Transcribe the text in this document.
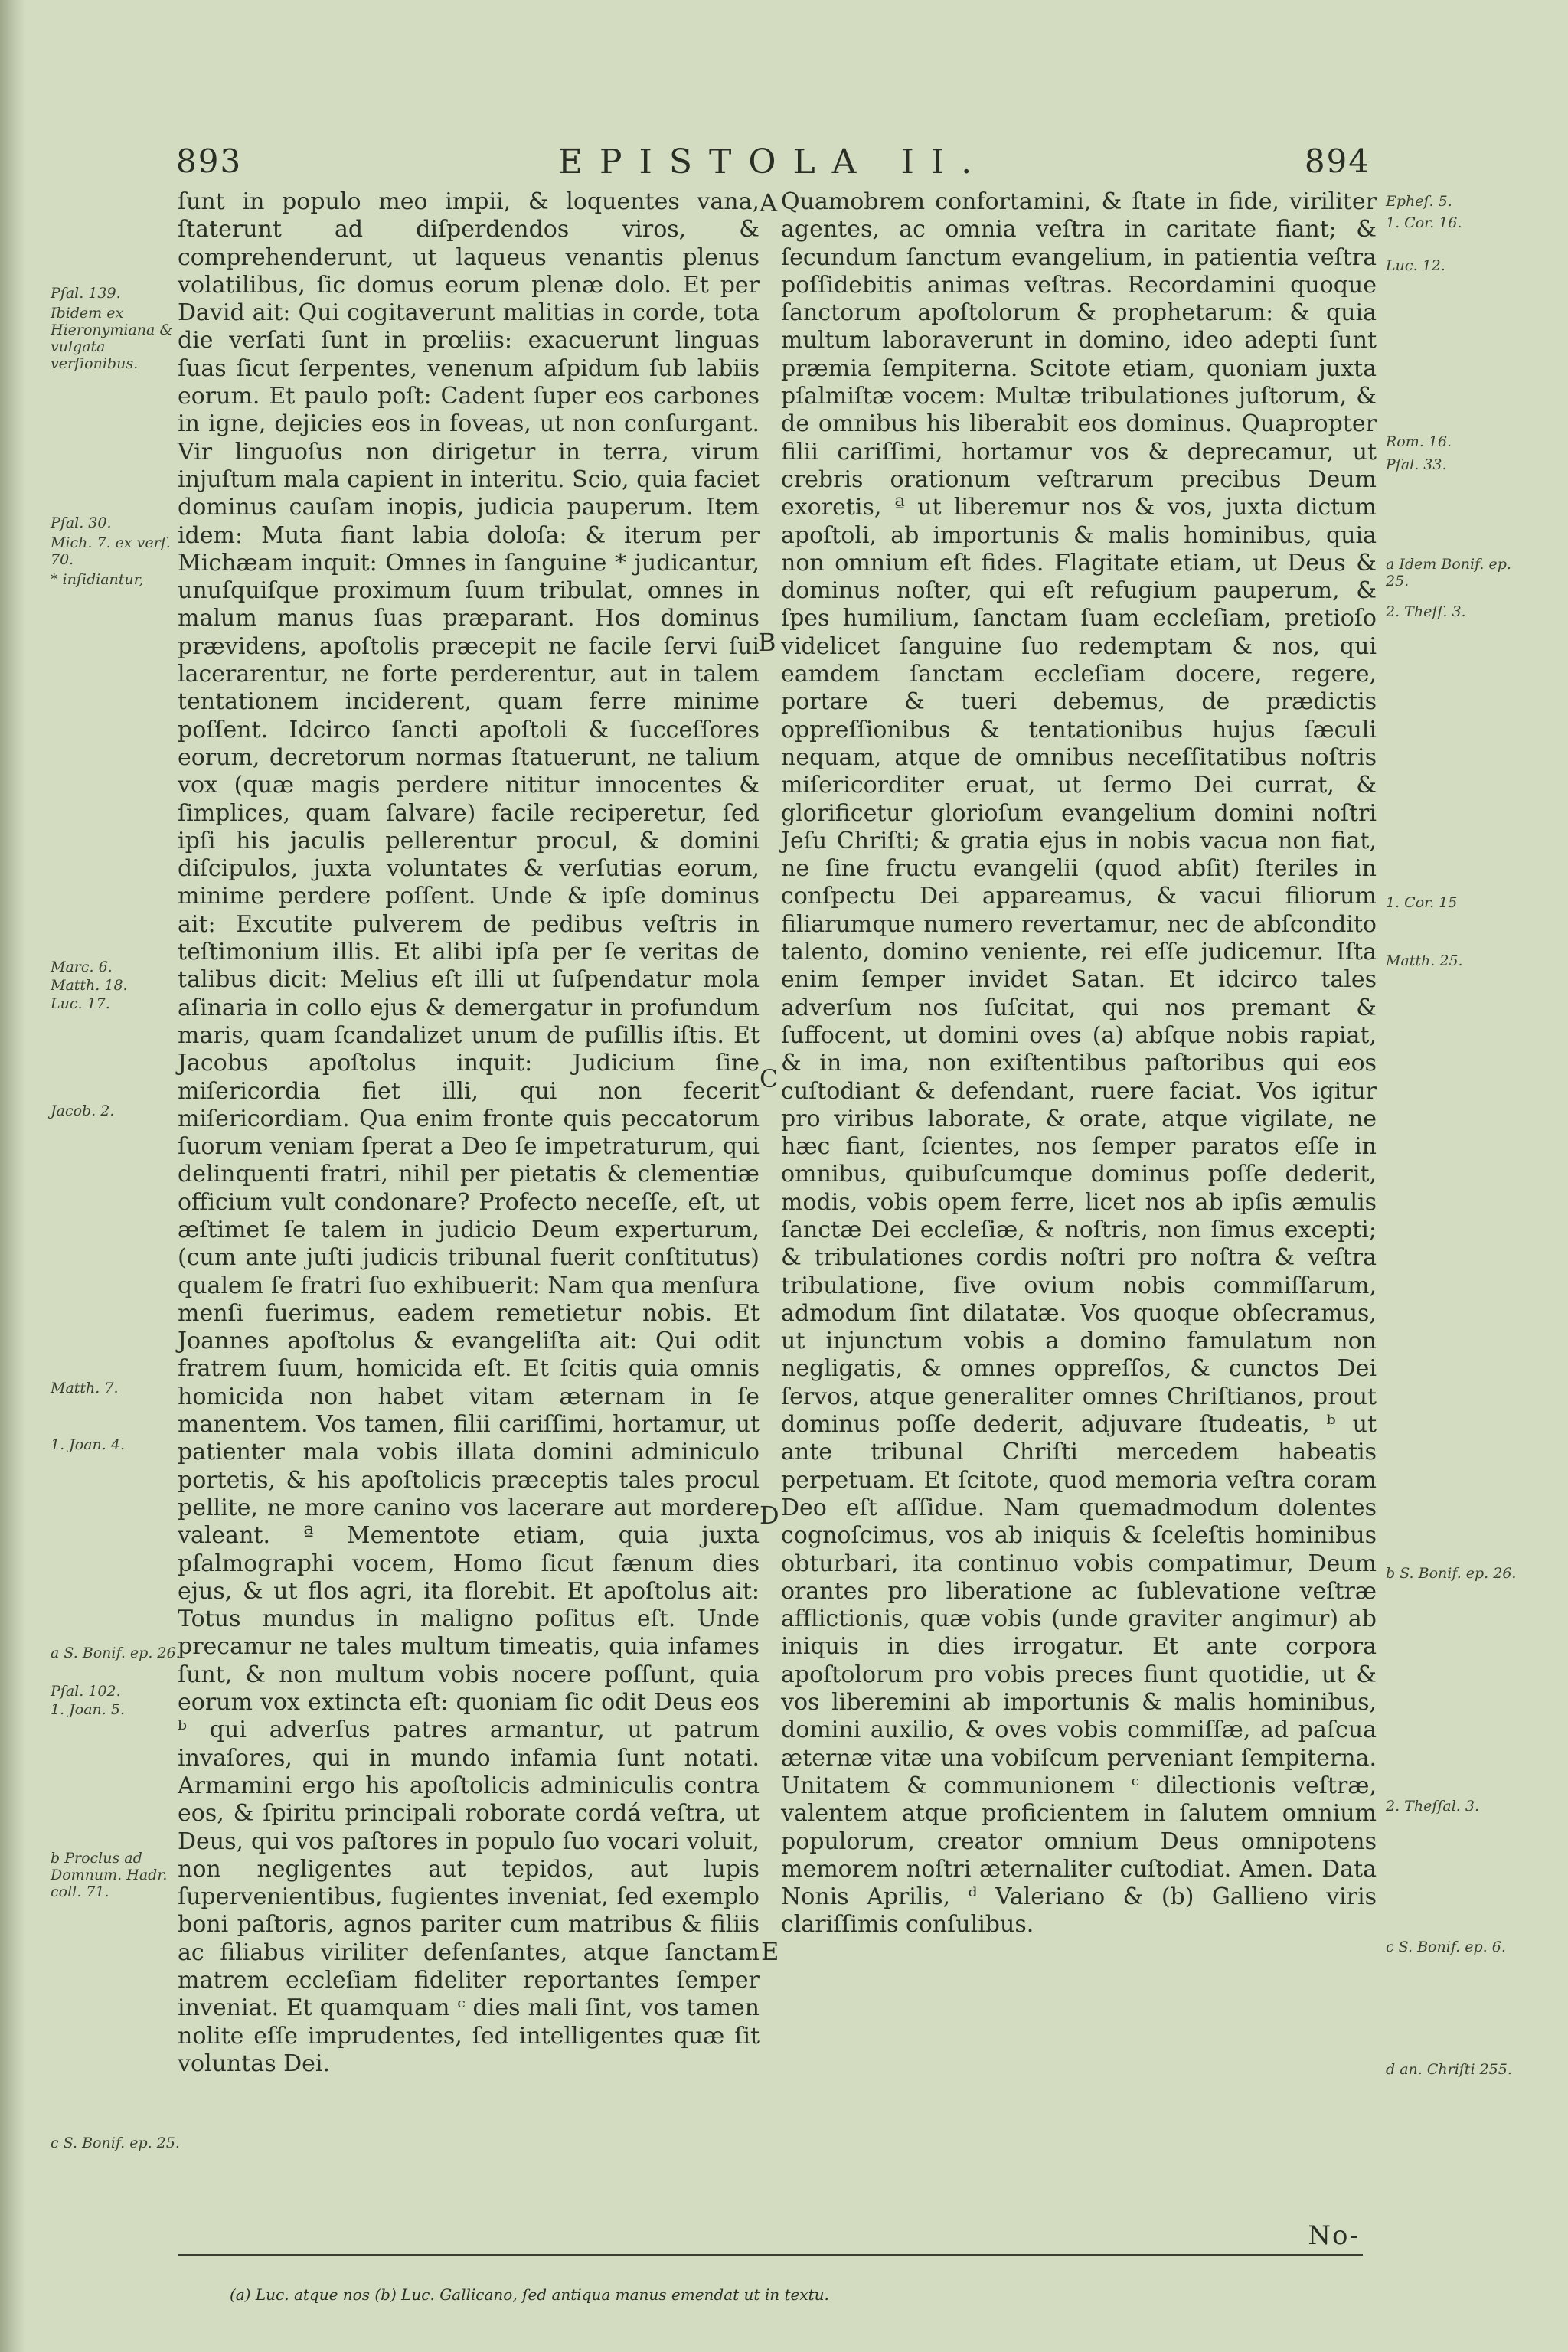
893	EPISTOLA II.	894

ſunt in populo meo impii, & loquentes vana, ſtaterunt ad diſperdendos viros, & comprehenderunt, ut laqueus venantis plenus volatilibus, ſic domus eorum plenæ dolo. Et per David ait: Qui cogitaverunt malitias in corde, tota die verſati ſunt in prœliis: exacuerunt linguas ſuas ſicut ſerpentes, venenum aſpidum ſub labiis eorum. Et paulo poſt: Cadent ſuper eos carbones in igne, dejicies eos in foveas, ut non conſurgant. Vir linguoſus non dirigetur in terra, virum injuſtum mala capient in interitu. Scio, quia faciet dominus cauſam inopis, judicia pauperum. Item idem: Muta fiant labia doloſa: & iterum per Michæam inquit: Omnes in ſanguine * judicantur, unuſquiſque proximum ſuum tribulat, omnes in malum manus ſuas præparant. Hos dominus prævidens, apoſtolis præcepit ne facile ſervi ſui lacerarentur, ne forte perderentur, aut in talem tentationem inciderent, quam ferre minime poſſent. Idcirco ſancti apoſtoli & ſucceſſores eorum, decretorum normas ſtatuerunt, ne talium vox (quæ magis perdere nititur innocentes & ſimplices, quam ſalvare) facile reciperetur, ſed ipſi his jaculis pellerentur procul, & domini diſcipulos, juxta voluntates & verſutias eorum, minime perdere poſſent. Unde & ipſe dominus ait: Excutite pulverem de pedibus veſtris in teſtimonium illis. Et alibi ipſa per ſe veritas de talibus dicit: Melius eſt illi ut ſuſpendatur mola aſinaria in collo ejus & demergatur in profundum maris, quam ſcandalizet unum de puſillis iſtis. Et Jacobus apoſtolus inquit: Judicium ſine miſericordia fiet illi, qui non fecerit miſericordiam. Qua enim fronte quis peccatorum ſuorum veniam ſperat a Deo ſe impetraturum, qui delinquenti fratri, nihil per pietatis & clementiæ officium vult condonare? Profecto neceſſe, eſt, ut æſtimet ſe talem in judicio Deum experturum, (cum ante juſti judicis tribunal fuerit conſtitutus) qualem ſe fratri ſuo exhibuerit: Nam qua menſura menſi fuerimus, eadem remetietur nobis. Et Joannes apoſtolus & evangeliſta ait: Qui odit fratrem ſuum, homicida eſt. Et ſcitis quia omnis homicida non habet vitam æternam in ſe manentem. Vos tamen, filii cariſſimi, hortamur, ut patienter mala vobis illata domini adminiculo portetis, & his apoſtolicis præceptis tales procul pellite, ne more canino vos lacerare aut mordere valeant. ª Mementote etiam, quia juxta pſalmographi vocem, Homo ſicut fænum dies ejus, & ut flos agri, ita florebit. Et apoſtolus ait: Totus mundus in maligno poſitus eſt. Unde precamur ne tales multum timeatis, quia infames ſunt, & non multum vobis nocere poſſunt, quia eorum vox extincta eſt: quoniam ſic odit Deus eos ᵇ qui adverſus patres armantur, ut patrum invaſores, qui in mundo infamia ſunt notati. Armamini ergo his apoſtolicis adminiculis contra eos, & ſpiritu principali roborate cordá veſtra, ut Deus, qui vos paſtores in populo ſuo vocari voluit, non negligentes aut tepidos, aut lupis ſupervenientibus, fugientes inveniat, ſed exemplo boni paſtoris, agnos pariter cum matribus & filiis ac filiabus viriliter defenſantes, atque ſanctam matrem eccleſiam fideliter reportantes ſemper inveniat. Et quamquam ᶜ dies mali ſint, vos tamen nolite eſſe imprudentes, ſed intelligentes quæ ſit voluntas Dei.

Quamobrem confortamini, & ſtate in fide, viriliter agentes, ac omnia veſtra in caritate fiant; & ſecundum ſanctum evangelium, in patientia veſtra poſſidebitis animas veſtras. Recordamini quoque ſanctorum apoſtolorum & prophetarum: & quia multum laboraverunt in domino, ideo adepti ſunt præmia ſempiterna. Scitote etiam, quoniam juxta pſalmiſtæ vocem: Multæ tribulationes juſtorum, & de omnibus his liberabit eos dominus. Quapropter filii cariſſimi, hortamur vos & deprecamur, ut crebris orationum veſtrarum precibus Deum exoretis, ª ut liberemur nos & vos, juxta dictum apoſtoli, ab importunis & malis hominibus, quia non omnium eſt fides. Flagitate etiam, ut Deus & dominus noſter, qui eſt refugium pauperum, & ſpes humilium, ſanctam ſuam eccleſiam, pretioſo videlicet ſanguine ſuo redemptam & nos, qui eamdem ſanctam eccleſiam docere, regere, portare & tueri debemus, de prædictis oppreſſionibus & tentationibus hujus ſæculi nequam, atque de omnibus neceſſitatibus noſtris miſericorditer eruat, ut ſermo Dei currat, & glorificetur glorioſum evangelium domini noſtri Jeſu Chriſti; & gratia ejus in nobis vacua non fiat, ne ſine fructu evangelii (quod abſit) ſteriles in conſpectu Dei appareamus, & vacui filiorum filiarumque numero revertamur, nec de abſcondito talento, domino veniente, rei eſſe judicemur. Iſta enim ſemper invidet Satan. Et idcirco tales adverſum nos ſuſcitat, qui nos premant & ſuffocent, ut domini oves (a) abſque nobis rapiat, & in ima, non exiſtentibus paſtoribus qui eos cuſtodiant & defendant, ruere faciat. Vos igitur pro viribus laborate, & orate, atque vigilate, ne hæc fiant, ſcientes, nos ſemper paratos eſſe in omnibus, quibuſcumque dominus poſſe dederit, modis, vobis opem ferre, licet nos ab ipſis æmulis ſanctæ Dei eccleſiæ, & noſtris, non ſimus excepti; & tribulationes cordis noſtri pro noſtra & veſtra tribulatione, ſive ovium nobis commiſſarum, admodum ſint dilatatæ. Vos quoque obſecramus, ut injunctum vobis a domino famulatum non negligatis, & omnes oppreſſos, & cunctos Dei ſervos, atque generaliter omnes Chriſtianos, prout dominus poſſe dederit, adjuvare ſtudeatis, ᵇ ut ante tribunal Chriſti mercedem habeatis perpetuam. Et ſcitote, quod memoria veſtra coram Deo eſt aſſidue. Nam quemadmodum dolentes cognoſcimus, vos ab iniquis & ſceleſtis hominibus obturbari, ita continuo vobis compatimur, Deum orantes pro liberatione ac ſublevatione veſtræ afflictionis, quæ vobis (unde graviter angimur) ab iniquis in dies irrogatur. Et ante corpora apoſtolorum pro vobis preces fiunt quotidie, ut & vos liberemini ab importunis & malis hominibus, domini auxilio, & oves vobis commiſſæ, ad paſcua æternæ vitæ una vobiſcum perveniant ſempiterna. Unitatem & communionem ᶜ dilectionis veſtræ, valentem atque proficientem in ſalutem omnium populorum, creator omnium Deus omnipotens memorem noſtri æternaliter cuſtodiat. Amen. Data Nonis Aprilis, ᵈ Valeriano & (b) Gallieno viris clariſſimis conſulibus.

A
B
C
D
E
Pſal. 139.
Ibidem ex Hieronymiana & vulgata verſionibus.
Pſal. 30.
Mich. 7. ex verſ. 70.
* inſidiantur,
Marc. 6.
Matth. 18.
Luc. 17.
Jacob. 2.
Matth. 7.
1. Joan. 4.
a S. Bonif. ep. 26.
Pſal. 102.
1. Joan. 5.
b Proclus ad Domnum. Hadr. coll. 71.
c S. Bonif. ep. 25.
Epheſ. 5.
1. Cor. 16.
Luc. 12.
Rom. 16.
Pſal. 33.
a Idem Bonif. ep. 25.
2. Theſſ. 3.
1. Cor. 15
Matth. 25.
b S. Bonif. ep. 26.
2. Theſſal. 3.
c S. Bonif. ep. 6.
d an. Chriſti 255.
No-
(a) Luc. atque nos (b) Luc. Gallicano, ſed antiqua manus emendat ut in textu.
